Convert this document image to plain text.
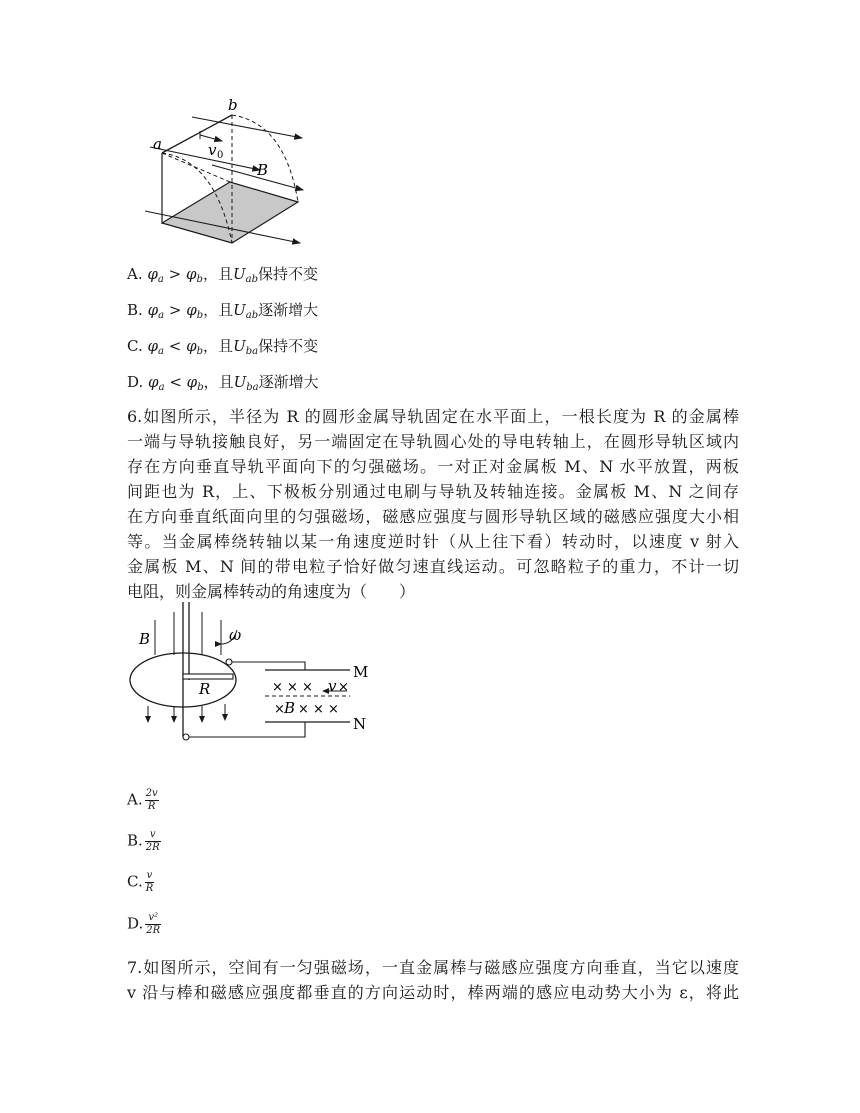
a
b
v 0
B
A. $\varphi_a > \varphi_b$，且$U_{ab}$保持不变
B. $\varphi_a > \varphi_b$，且$U_{ab}$逐渐增大
C. $\varphi_a < \varphi_b$，且$U_{ba}$保持不变
D. $\varphi_a < \varphi_b$，且$U_{ba}$逐渐增大
6.如图所示，半径为 R 的圆形金属导轨固定在水平面上，一根长度为 R 的金属棒
一端与导轨接触良好，另一端固定在导轨圆心处的导电转轴上，在圆形导轨区域内
存在方向垂直导轨平面向下的匀强磁场。一对正对金属板 M、N 水平放置，两板
间距也为 R，上、下极板分别通过电刷与导轨及转轴连接。金属板 M、N 之间存
在方向垂直纸面向里的匀强磁场，磁感应强度与圆形导轨区域的磁感应强度大小相
等。当金属棒绕转轴以某一角速度逆时针（从上往下看）转动时，以速度 v 射入
金属板 M、N 间的带电粒子恰好做匀速直线运动。可忽略粒子的重力，不计一切
电阻，则金属棒转动的角速度为（　　）
B
R
ω
M
N
× × × v ×
× B × × ×
A. $\frac{2v}{R}$
B. $\frac{v}{2R}$
C. $\frac{v}{R}$
D. $\frac{\text{v²}}{2R}$
7.如图所示，空间有一匀强磁场，一直金属棒与磁感应强度方向垂直，当它以速度
v 沿与棒和磁感应强度都垂直的方向运动时，棒两端的感应电动势大小为 ε，将此
